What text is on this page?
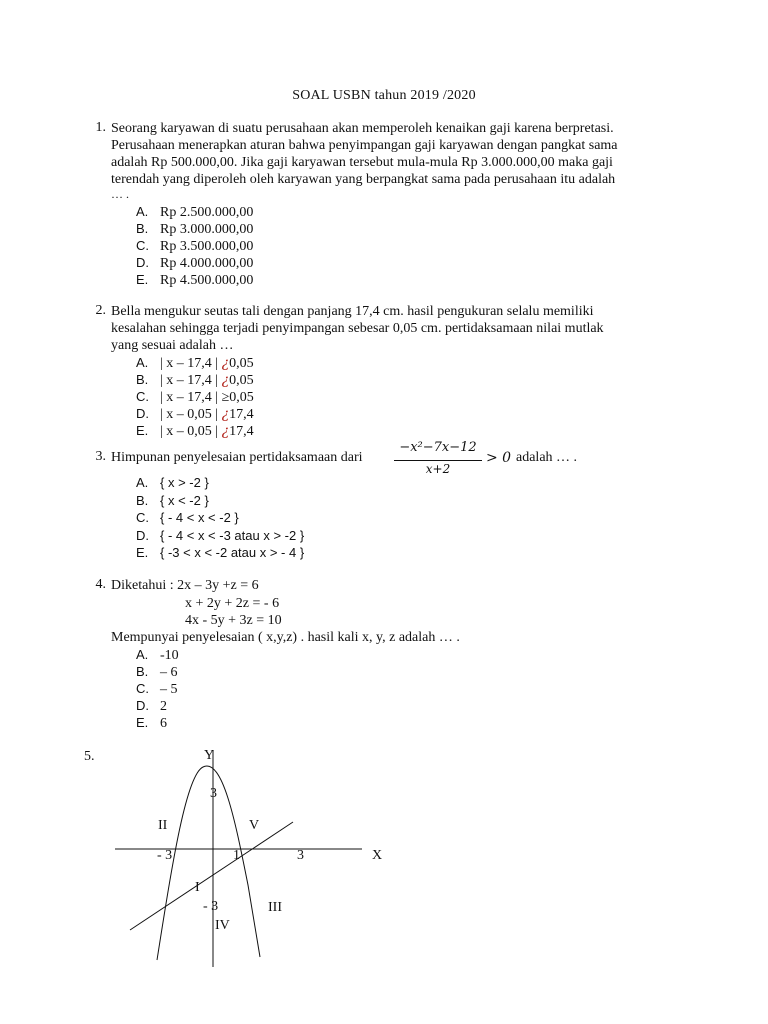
SOAL USBN tahun 2019 /2020
1. Seorang karyawan di suatu perusahaan akan memperoleh kenaikan gaji karena berpretasi.
Perusahaan menerapkan aturan bahwa penyimpangan gaji karyawan dengan pangkat sama
adalah Rp 500.000,00. Jika gaji karyawan tersebut mula-mula Rp 3.000.000,00 maka gaji
terendah yang diperoleh oleh karyawan yang berpangkat sama pada perusahaan itu adalah
… .
A. Rp 2.500.000,00
B. Rp 3.000.000,00
C. Rp 3.500.000,00
D. Rp 4.000.000,00
E. Rp 4.500.000,00
2. Bella mengukur seutas tali dengan panjang 17,4 cm. hasil pengukuran selalu memiliki
kesalahan sehingga terjadi penyimpangan sebesar 0,05 cm. pertidaksamaan nilai mutlak
yang sesuai adalah …
A. | x – 17,4 | ¿0,05
B. | x – 17,4 | ¿0,05
C. | x – 17,4 | ≥0,05
D. | x – 0,05 | ¿17,4
E. | x – 0,05 | ¿17,4
3. Himpunan penyelesaian pertidaksamaan dari
−x²−7x−12
x+2
> 0 adalah … .
A. { x > -2 }
B. { x < -2 }
C. { - 4 < x < -2 }
D. { - 4 < x < -3 atau x > -2 }
E. { -3 < x < -2 atau x > - 4 }
4. Diketahui : 2x – 3y +z = 6
x + 2y + 2z = - 6
4x - 5y + 3z = 10
Mempunyai penyelesaian ( x,y,z) . hasil kali x, y, z adalah … .
A. -10
B. – 6
C. – 5
D. 2
E. 6
5.	Y
X
3
- 3
- 3	1	3
II	V
I
III
IV
